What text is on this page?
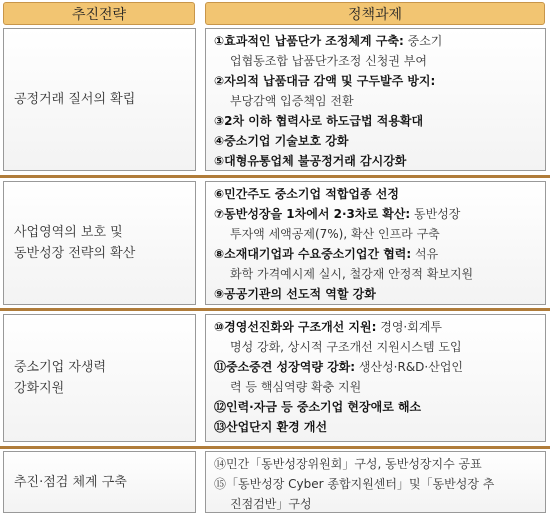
추진전략	정책과제
공정거래 질서의 확립
①효과적인 납품단가 조정체계 구축: 중소기
업협동조합 납품단가조정 신청권 부여
②자의적 납품대금 감액 및 구두발주 방지:
부당감액 입증책임 전환
③2차 이하 협력사로 하도급법 적용확대
④중소기업 기술보호 강화
⑤대형유통업체 불공정거래 감시강화
사업영역의 보호 및
동반성장 전략의 확산
⑥민간주도 중소기업 적합업종 선정
⑦동반성장을 1차에서 2·3차로 확산: 동반성장
투자액 세액공제(7%), 확산 인프라 구축
⑧소재대기업과 수요중소기업간 협력: 석유
화학 가격예시제 실시, 철강재 안정적 확보지원
⑨공공기관의 선도적 역할 강화
중소기업 자생력
강화지원
⑩경영선진화와 구조개선 지원: 경영·회계투
명성 강화, 상시적 구조개선 지원시스템 도입
⑪중소중견 성장역량 강화: 생산성·R&D·산업인
력 등 핵심역량 확충 지원
⑫인력·자금 등 중소기업 현장애로 해소
⑬산업단지 환경 개선
추진·점검 체계 구축
⑭민간「동반성장위원회」구성, 동반성장지수 공표
⑮「동반성장 Cyber 종합지원센터」및「동반성장 추
진점검반」구성
